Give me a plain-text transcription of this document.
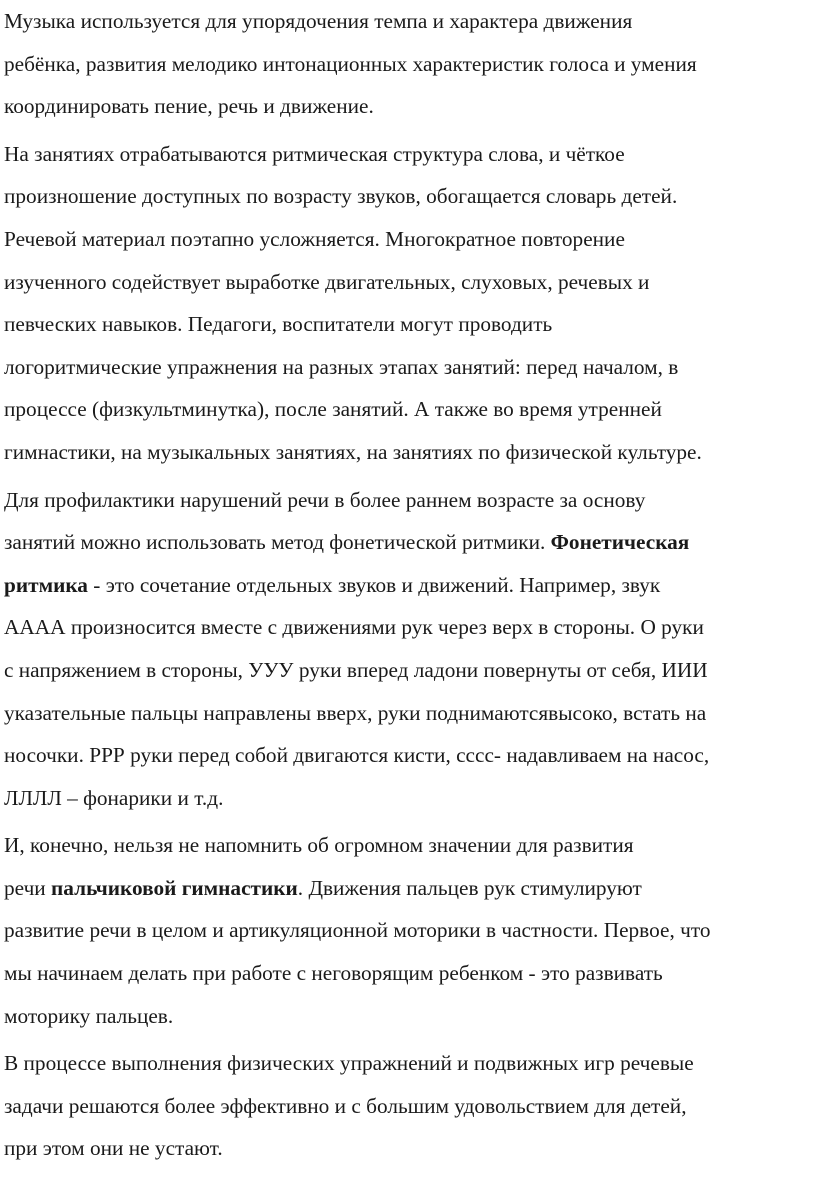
Музыка используется для упорядочения темпа и характера движения
ребёнка, развития мелодико интонационных характеристик голоса и умения
координировать пение, речь и движение.
На занятиях отрабатываются ритмическая структура слова, и чёткое
произношение доступных по возрасту звуков, обогащается словарь детей.
Речевой материал поэтапно усложняется. Многократное повторение
изученного содействует выработке двигательных, слуховых, речевых и
певческих навыков. Педагоги, воспитатели могут проводить
логоритмические упражнения на разных этапах занятий: перед началом, в
процессе (физкультминутка), после занятий. А также во время утренней
гимнастики, на музыкальных занятиях, на занятиях по физической культуре.
Для профилактики нарушений речи в более раннем возрасте за основу
занятий можно использовать метод фонетической ритмики. Фонетическая
ритмика - это сочетание отдельных звуков и движений. Например, звук
АААА произносится вместе с движениями рук через верх в стороны. О руки
с напряжением в стороны, УУУ руки вперед ладони повернуты от себя, ИИИ
указательные пальцы направлены вверх, руки поднимаютсявысоко, встать на
носочки. РРР руки перед собой двигаются кисти, сссс- надавливаем на насос,
ЛЛЛЛ – фонарики и т.д.
И, конечно, нельзя не напомнить об огромном значении для развития
речи пальчиковой гимнастики. Движения пальцев рук стимулируют
развитие речи в целом и артикуляционной моторики в частности. Первое, что
мы начинаем делать при работе с неговорящим ребенком - это развивать
моторику пальцев.
В процессе выполнения физических упражнений и подвижных игр речевые
задачи решаются более эффективно и с большим удовольствием для детей,
при этом они не устают.
